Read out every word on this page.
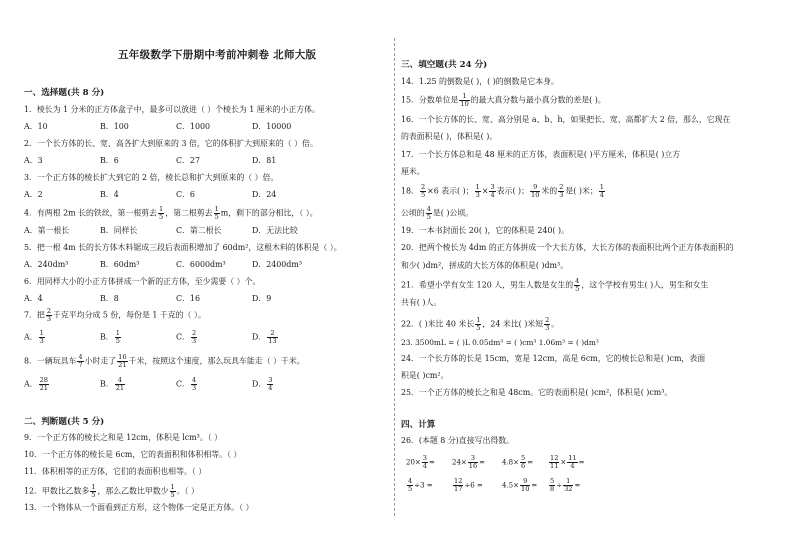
五年级数学下册期中考前冲刺卷 北师大版
一、选择题(共 8 分)
1．棱长为 1 分米的正方体盒子中，最多可以放进（ ）个棱长为 1 厘米的小正方体。
A．10	B．100	C．1000	D．10000
2．一个长方体的长、宽、高各扩大到原来的 3 倍，它的体积扩大到原来的（ ）倍。
A．3	B．6	C．27	D．81
3．一个正方体的棱长扩大到它的 2 倍，棱长总和扩大到原来的（ ）倍。
A．2	B．4	C．6	D．24
4．有两根 2m 长的铁丝，第一根剪去 $\frac{1}{5}$ ，第二根剪去 $\frac{1}{5}$ m，剩下的部分相比，（ ）。
A．第一根长	B．同样长	C．第二根长	D．无法比较
5．把一根 4m 长的长方体木料锯成三段后表面积增加了 60dm²，这根木料的体积是（ ）。
A．240dm³	B．60dm³	C．6000dm³	D．2400dm³
6．用同样大小的小正方体拼成一个新的正方体，至少需要（ ）个。
A．4	B．8	C．16	D．9
7．把 $\frac{2}{3}$ 千克平均分成 5 份，每份是 1 千克的（ ）。
A． $\frac{1}{3}$	B． $\frac{1}{5}$	C． $\frac{2}{3}$	D． $\frac{2}{13}$
8．一辆玩具车 $\frac{4}{7}$ 小时走了 $\frac{16}{21}$ 千米，按照这个速度，那么玩具车能走（ ）千米。
A． $\frac{28}{21}$	B． $\frac{4}{21}$	C． $\frac{4}{3}$	D． $\frac{3}{4}$
二、判断题(共 5 分)
9．一个正方体的棱长之和是 12cm，体积是 lcm³。（ ）
10．一个正方体的棱长是 6cm，它的表面积和体积相等。（ ）
11．体积相等的正方体，它们的表面积也相等。（ ）
12．甲数比乙数多 $\frac{1}{5}$ ，那么乙数比甲数少 $\frac{1}{5}$ 。（ ）
13．一个物体从一个面看到正方形，这个物体一定是正方体。（ ）
三、填空题(共 24 分)
14．1.25 的倒数是( )，( )的倒数是它本身。
15．分数单位是 $\frac{1}{10}$ 的最大真分数与最小真分数的差是( )。
16．一个长方体的长、宽、高分别是 a、b、h，如果把长、宽、高都扩大 2 倍，那么，它现在
的表面积是( )，体积是( )。
17．一个长方体总和是 48 厘米的正方体，表面积是( )平方厘米，体积是( )立方
厘米。
18． $\frac{2}{5} \times 6$ 表示( )； $\frac{1}{3} \times \frac{3}{4}$ 表示( )； $\frac{9}{10}$ 米的 $\frac{2}{3}$ 是( )米； $\frac{1}{4}$
公顷的 $\frac{4}{5}$ 是( )公顷。
19．一本书封面长 20( )，它的体积是 240( )。
20．把两个棱长为 4dm 的正方体拼成一个大长方体，大长方体的表面积比两个正方体表面积的
和少( )dm²，拼成的大长方体的体积是( )dm³。
21．希望小学有女生 120 人，男生人数是女生的 $\frac{4}{5}$ ，这个学校有男生( )人，男生和女生
共有( )人。
22．( )米比 40 米长 $\frac{1}{5}$ ，24 米比( )米短 $\frac{2}{3}$ 。
23. 3500mL = ( )L 0.05dm³ = ( )cm³ 1.06m³ = ( )dm³
24．一个长方体的长是 15cm，宽是 12cm，高是 6cm，它的棱长总和是( )cm，表面
积是( )cm²。
25．一个正方体的棱长之和是 48cm。它的表面积是( )cm²，体积是( )cm³。
四、计算
26．(本题 8 分)直接写出得数。
$20\times \frac{3}{4} = 24\times \frac{3}{16} = 4.8\times \frac{5}{6} = \frac{12}{11} \times \frac{11}{4}$ =
$\frac{4}{5} \div 3$ =	$\frac{12}{17} \div 6$ =	$4.5\times \frac{9}{10} = \frac{5}{8} \div \frac{1}{32}$ =
